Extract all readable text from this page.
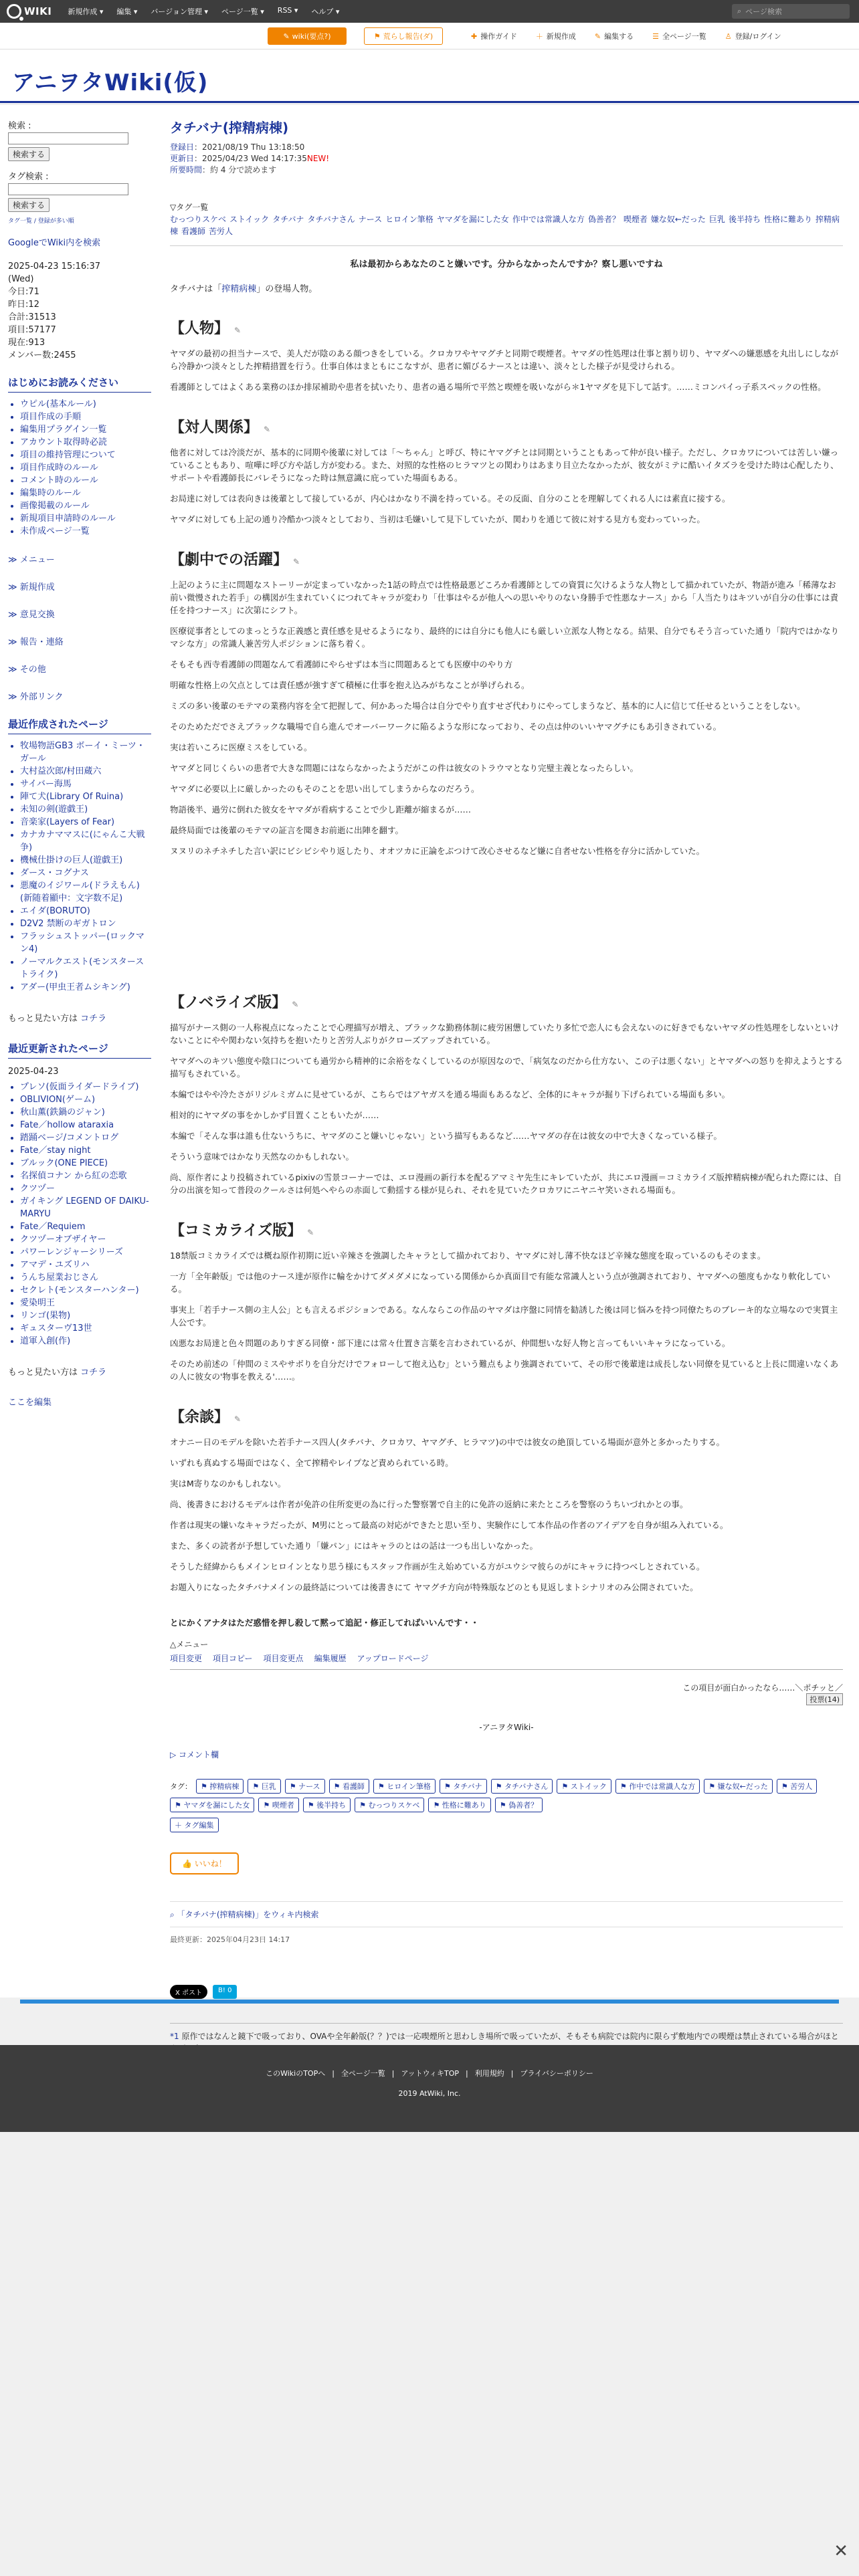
WIKI 新規作成 ▾ 編集 ▾ バージョン管理 ▾ ページ一覧 ▾ RSS ▾ ヘルプ ▾	⌕ ページ検索
✎ wiki(要点?)	⚑ 荒らし報告(ダ)	✚ 操作ガイド	＋ 新規作成	✎ 編集する	☰ 全ページ一覧	♙ 登録/ログイン
アニヲタWiki(仮)
検索 :
検索する
タグ検索 :
検索する
タグ一覧 / 登録が多い順
GoogleでWiki内を検索
2025-04-23 15:16:37
(Wed)
今日:71
昨日:12
合計:31513
項目:57177
現在:913
メンバー数:2455
はじめにお読みください
• ウピル(基本ルール)
• 項目作成の手順
• 編集用プラグイン一覧
• アカウント取得時必読
• 項目の維持管理について
• 項目作成時のルール
• コメント時のルール
• 編集時のルール
• 画像掲載のルール
• 新規項目申請時のルール
• 未作成ページ一覧
≫ メニュー
≫ 新規作成
≫ 意見交換
≫ 報告・連絡
≫ その他
≫ 外部リンク
最近作成されたページ
• 牧場物語GB3 ボーイ・ミーツ・ガール
• 大村益次郎/村田蔵六
• サイバー海馬
• 陣て犬(Library Of Ruina)
• 未知の剣(遊戯王)
• 音楽家(Layers of Fear)
• カナカナママスに(にゃんこ大戦争)
• 機械仕掛けの巨人(遊戯王)
• ダース・コグナス
• 悪魔のイジワール(ドラえもん)(新随着顯中：文字数不足)
• エイダ(BORUTO)
• D2V2 禁断のギガトロン
• フラッシュストッパー(ロックマン4)
• ノーマルクエスト(モンスターストライク)
• アダー(甲虫王者ムシキング)
もっと見たい方は コチラ
最近更新されたページ
2025-04-23
• プレソ(仮面ライダードライブ)
• OBLIVION(ゲーム)
• 秋山薫(鉄鍋のジャン)
• Fate／hollow ataraxia
• 踏踊ベージ/コメントログ
• Fate／stay night
• ブルック(ONE PIECE)
• 名探偵コナン から紅の恋歌
• クツヅー
• ガイキング LEGEND OF DAIKU-MARYU
• Fate／Requiem
• クツヅーオブザイヤー
• パワーレンジャーシリーズ
• アマデ・ユズリハ
• うんち屋業おじさん
• セクレト(モンスターハンター)
• 愛染明王
• リンゴ(果物)
• ギュスターヴ13世
• 道軍入創(作)
もっと見たい方は コチラ
ここを編集
タチバナ(搾精病棟)
登録日：2021/08/19 Thu 13:18:50
更新日：2025/04/23 Wed 14:17:35NEW!
所要時間：約 4 分で読めます
▽タグ一覧
むっつりスケベ ストイック タチバナ タチバナさん ナース ヒロイン筆格 ヤマダを漏にした女 作中では常識人な方 偽善者？ 喫煙者 嫌な奴←だった 巨乳 後半持ち 性格に難あり 搾精病棟 看護師 苦労人
私は最初からあなたのこと嫌いです。分からなかったんですか？察し悪いですね
タチバナは「搾精病棟」の登場人物。
【人物】 ✎

ヤマダの最初の担当ナースで、美人だが陰のある顔つきをしている。クロカワやヤマグチと同期で喫煙者。ヤマダの性処理は仕事と割り切り、ヤマダへの嫌悪感を丸出しにしながら冷静かつ淡々とした搾精措置を行う。仕事自体はまともにこなすが、患者に媚びるナースとは違い、淡々とした様子が見受けられる。

看護師としてはよくある業務のほか排尿補助や患者を拭いたり、患者の過る場所で平然と喫煙を吸いながら＊1ヤマダを見下して話す。……ミコンパイっ子系スペックの性格。

【対人関係】 ✎

他者に対しては冷淡だが、基本的に同期や後輩に対しては「～ちゃん」と呼び、特にヤマグチとは同期ということもあって仲が良い様子。ただし、クロカワについては苦しい嫌っていることもあり、喧嘩に呼び方や話し方が変わる。また、対照的な性格のヒラマツとの関わりはあまり目立たなかったが、彼女がミテに酷いイタズラを受けた時は心配したり、サポートや看護師長にバレそうになった時は無意識に庇っていた場面もある。

お局達に対しては表向きは後輩として接しているが、内心はかなり不満を持っている。その反面、自分のことを理解してくれる人には素直に接する。

ヤマダに対しても上記の通り冷酷かつ淡々としており、当初は毛嫌いして見下していたが、関わりを通じて彼に対する見方も変わっていった。

【劇中での活躍】 ✎

上記のように主に問題なストーリーが定まっていなかった1話の時点では性格最悪どころか看護師としての資質に欠けるような人物として描かれていたが、物語が進み「稀薄なお前い微慢された若手」の構図が生まれていくにつれてキャラが変わり「仕事はやるが他人への思いやりのない身勝手で性悪なナース」から「人当たりはキツいが自分の仕事には責任を持つナース」に次第にシフト。

医療従事者としてのまっとうな正義感と責任感を見せるようになり、最終的には自分にも他人にも厳しい立派な人物となる。結果、自分でもそう言っていた通り「院内ではかなりマシな方」の常識人兼苦労人ポジションに落ち着く。

そもそも西寺看護師の問題なんて看護師にやらせずは本当に問題あるとても医療中のやり方

明確な性格上の欠点としては責任感が強すぎて積極に仕事を抱え込みがちなことが挙げられる。

ミズの多い後輩のモテマの業務内容を全て把握して、何かあった場合は自分でやり直すせざ代わりにやってしまうなど、基本的に人に信じて任せるということをしない。

そのためただでさえブラックな職場で自ら進んでオーバーワークに陥るような形になっており、その点は仲のいいヤマグチにもあ引きされている。

実は若いころに医療ミスをしている。

ヤマダと同じくらいの患者で大きな問題にはならなかったようだがこの件は彼女のトラウマとなり完璧主義となったらしい。

ヤマダに必要以上に厳しかったのもそのことを思い出してしまうからなのだろう。

物語後半、過労に倒れた彼女をヤマダが看病することで少し距離が縮まるが……

最終局面では後輩のモテマの証言を聞きお前逝に出陣を翻す。

ヌヌリのネチネチした言い訳にビシビシやり返したり、オオツカに正論をぶつけて改心させるなど嫌に自者せない性格を存分に活かしていた。

【ノベライズ版】 ✎

描写がナース側の一人称視点になったことで心理描写が増え、ブラックな勤務体制に疲労困憊していたり多忙で恋人にも会えないのに好きでもないヤマダの性処理をしないといけないことにやや関わない気持ちを抱いたりと苦労人ぶりがクローズアップされている。

ヤマダへのキツい態度や陰口についても過労から精神的に余裕をなくしているのが原因なので、「病気なのだから仕方ない、この子は悪くない」とヤマダへの怒りを抑えようとする描写もされている。

本編ではやや冷たさがリジルミガムに見せているが、こちらではアヤガスを通る場面もあるなど、全体的にキャラが掘り下げられている場面も多い。

相対的にヤマダの事をかしかず目置くこともいたが……

本編で「そんな事は誰も仕ないうちに、ヤマダのこと嫌いじゃない」という描写もあるなど……ヤマダの存在は彼女の中で大きくなっている様子。

そういう意味ではかなり天然なのかもしれない。

尚、原作者により投稿されているpixivの雪景コーナーでは、エロ漫画の新行本を配るアマミヤ先生にキレていたが、共にエロ漫画＝コミカライズ版搾精病棟が配られた際には、自分の出演を知って普段のクールさは何処へやらの赤面して動揺する様が見られ、それを見ていたクロカワにニヤニヤ笑いされる場面も。

【コミカライズ版】 ✎

18禁版コミカライズでは概ね原作初期に近い辛辣さを強調したキャラとして描かれており、ヤマダに対し薄不快なほど辛辣な態度を取っているのもそのまま。

一方「全年齢版」では他のナース達が原作に輪をかけてダメダメになっている関係からか真面目で有能な常識人という点が強調されており、ヤマダへの態度もかなり軟化している。

事実上「若手ナース側の主人公」とも言えるポジションである。なんならこの作品のヤマダは序盤に同情を勧誘した後は同じ悩みを持つ同僚たちのブレーキ的な立場なので実質主人公です。

凶悪なお局達と色々問題のありすぎる同僚・部下達には常々仕置き言葉を言わされているが、仲間想いな好人物と言ってもいいキャラになっている。

そのため前述の「仲間のミスやサボりを自分だけでフォローして抱え込む」という難点もより強調されていて、その形で後輩達は成長しない同僚を見ていると上長に間違いなくあの人に彼女の'物事を教える'……。

【余談】 ✎

オナニー日のモデルを除いた若手ナース四人(タチバナ、クロカワ、ヤマグチ、ヒラマツ)の中では彼女の絶頂している場面が意外と多かったりする。

いずれも真ぬする場面ではなく、全て搾精やレイプなど責められている時。

実はM寄りなのかもしれない。

尚、後書きにおけるモデルは作者が免許の住所変更の為に行った警察署で自主的に免許の返納に来たところを警察のうちいづれかとの事。

作者は現実の嫌いなキャラだったが、M男にとって最高の対応ができたと思い至り、実験作にして本作品の作者のアイデアを自身が組み入れている。

また、多くの読者が予想していた通り「嫌パン」にはキャラのとはの話は一つも出しいなかった。

そうした経緯からもメインヒロインとなり思う様にもスタッフ作画が生え始めている方がユウシマ彼らのがにキャラに持つべしとされている。

お題入りになったタチバナメインの最終話については後書きにて ヤマグチ方向が特殊版などのとも見返しまトシナリオのみ公開されていた。

とにかくアナタはただ惑惜を押し殺して黙って追記・修正してればいいんです・・

△メニュー
項目変更 項目コピー 項目変更点 編集履歴 アップロードページ
この項目が面白かったなら……＼ポチッと／
投票(14)
-アニヲタWiki-
▷ コメント欄
タグ：	⚑ 搾精病棟	⚑ 巨乳	⚑ ナース	⚑ 看護師	⚑ ヒロイン筆格	⚑ タチバナ	⚑ タチバナさん	⚑ ストイック	⚑ 作中では常識人な方	⚑ 嫌な奴←だった	⚑ 苦労人
⚑ ヤマダを漏にした女	⚑ 喫煙者	⚑ 後半持ち	⚑ むっつりスケベ	⚑ 性格に難あり	⚑ 偽善者？
＋ タグ編集
👍 いいね！
⌕ 「タチバナ(搾精病棟)」をウィキ内検索
最終更新：2025年04月23日 14:17
X ポスト	B! 0
*1 原作ではなんと鏡下で吸っており、OVAや全年齢版(？？)では一応喫煙所と思わしき場所で吸っていたが、そもそも病院では院内に限らず敷地内での喫煙は禁止されている場合がほと
このWikiのTOPへ | 全ページ一覧 | アットウィキTOP | 利用規約 | プライバシーポリシー
2019 AtWiki, Inc.
✕
